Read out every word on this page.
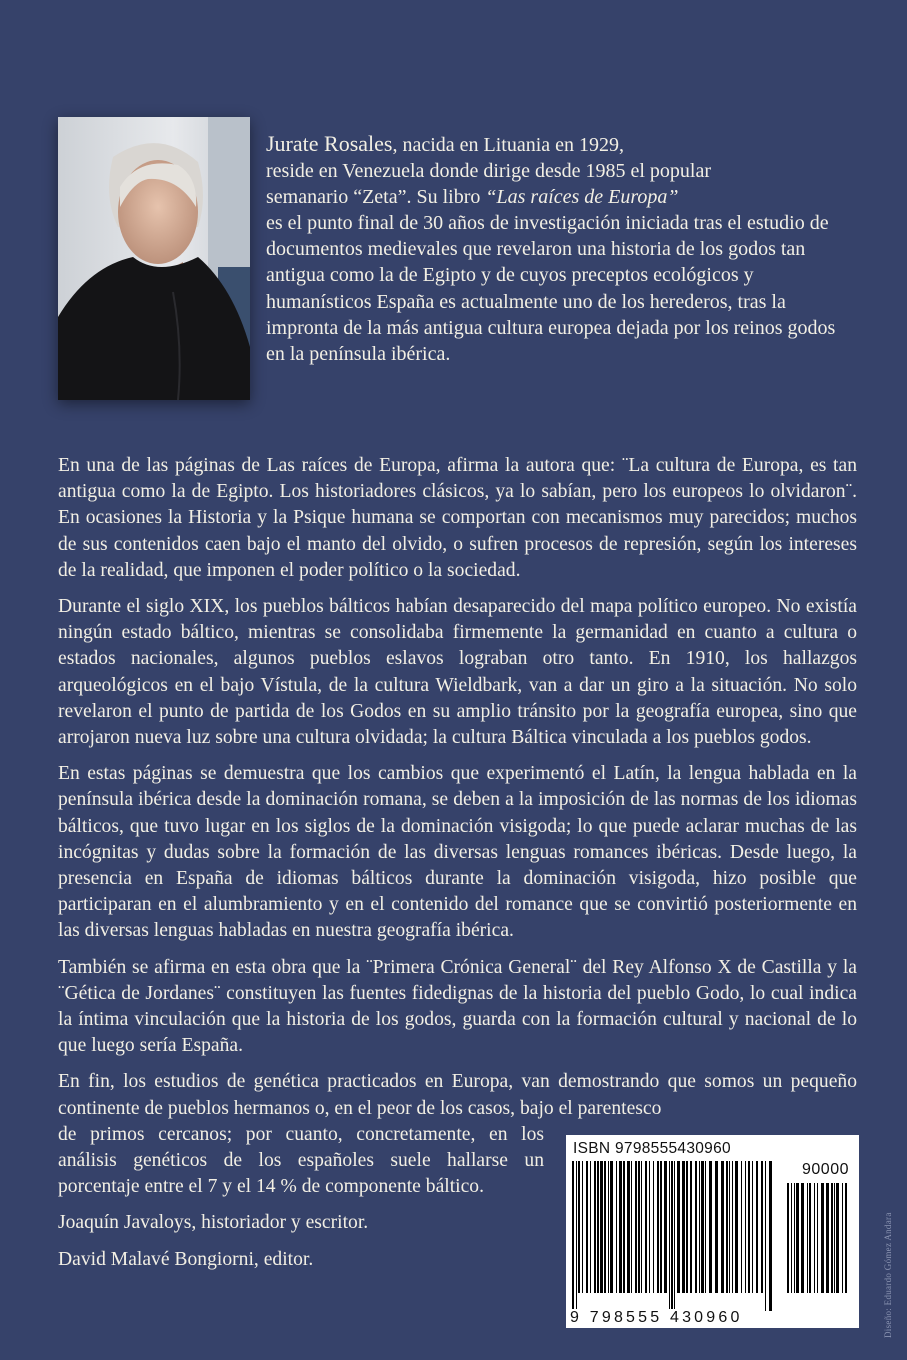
Jurate Rosales, nacida en Lituania en 1929,
reside en Venezuela donde dirige desde 1985 el popular
semanario “Zeta”. Su libro “Las raíces de Europa”
es el punto final de 30 años de investigación iniciada tras el estudio de documentos medievales que revelaron una historia de los godos tan antigua como la de Egipto y de cuyos preceptos ecológicos y humanísticos España es actualmente uno de los herederos, tras la impronta de la más antigua cultura europea dejada por los reinos godos en la península ibérica.

En una de las páginas de Las raíces de Europa, afirma la autora que: ¨La cultura de Europa, es tan antigua como la de Egipto. Los historiadores clásicos, ya lo sabían, pero los europeos lo olvidaron¨. En ocasiones la Historia y la Psique humana se comportan con mecanismos muy parecidos; muchos de sus contenidos caen bajo el manto del olvido, o sufren procesos de represión, según los intereses de la realidad, que imponen el poder político o la sociedad.

Durante el siglo XIX, los pueblos bálticos habían desaparecido del mapa político europeo. No existía ningún estado báltico, mientras se consolidaba firmemente la germanidad en cuanto a cultura o estados nacionales, algunos pueblos eslavos lograban otro tanto. En 1910, los hallazgos arqueológicos en el bajo Vístula, de la cultura Wieldbark, van a dar un giro a la situación. No solo revelaron el punto de partida de los Godos en su amplio tránsito por la geografía europea, sino que arrojaron nueva luz sobre una cultura olvidada; la cultura Báltica vinculada a los pueblos godos.

En estas páginas se demuestra que los cambios que experimentó el Latín, la lengua hablada en la península ibérica desde la dominación romana, se deben a la imposición de las normas de los idiomas bálticos, que tuvo lugar en los siglos de la dominación visigoda; lo que puede aclarar muchas de las incógnitas y dudas sobre la formación de las diversas lenguas romances ibéricas. Desde luego, la presencia en España de idiomas bálticos durante la dominación visigoda, hizo posible que participaran en el alumbramiento y en el contenido del romance que se convirtió posteriormente en las diversas lenguas habladas en nuestra geografía ibérica.

También se afirma en esta obra que la ¨Primera Crónica General¨ del Rey Alfonso X de Castilla y la ¨Gética de Jordanes¨ constituyen las fuentes fidedignas de la historia del pueblo Godo, lo cual indica la íntima vinculación que la historia de los godos, guarda con la formación cultural y nacional de lo que luego sería España.

En fin, los estudios de genética practicados en Europa, van demostrando que somos un pequeño continente de pueblos hermanos o, en el peor de los casos, bajo el parentesco

de primos cercanos; por cuanto, concretamente, en los análisis genéticos de los españoles suele hallarse un porcentaje entre el 7 y el 14 % de componente báltico.

Joaquín Javaloys, historiador y escritor.

David Malavé Bongiorni, editor.

ISBN 9798555430960
90000
9 798555 430960	Diseño: Eduardo Gómez Andara
